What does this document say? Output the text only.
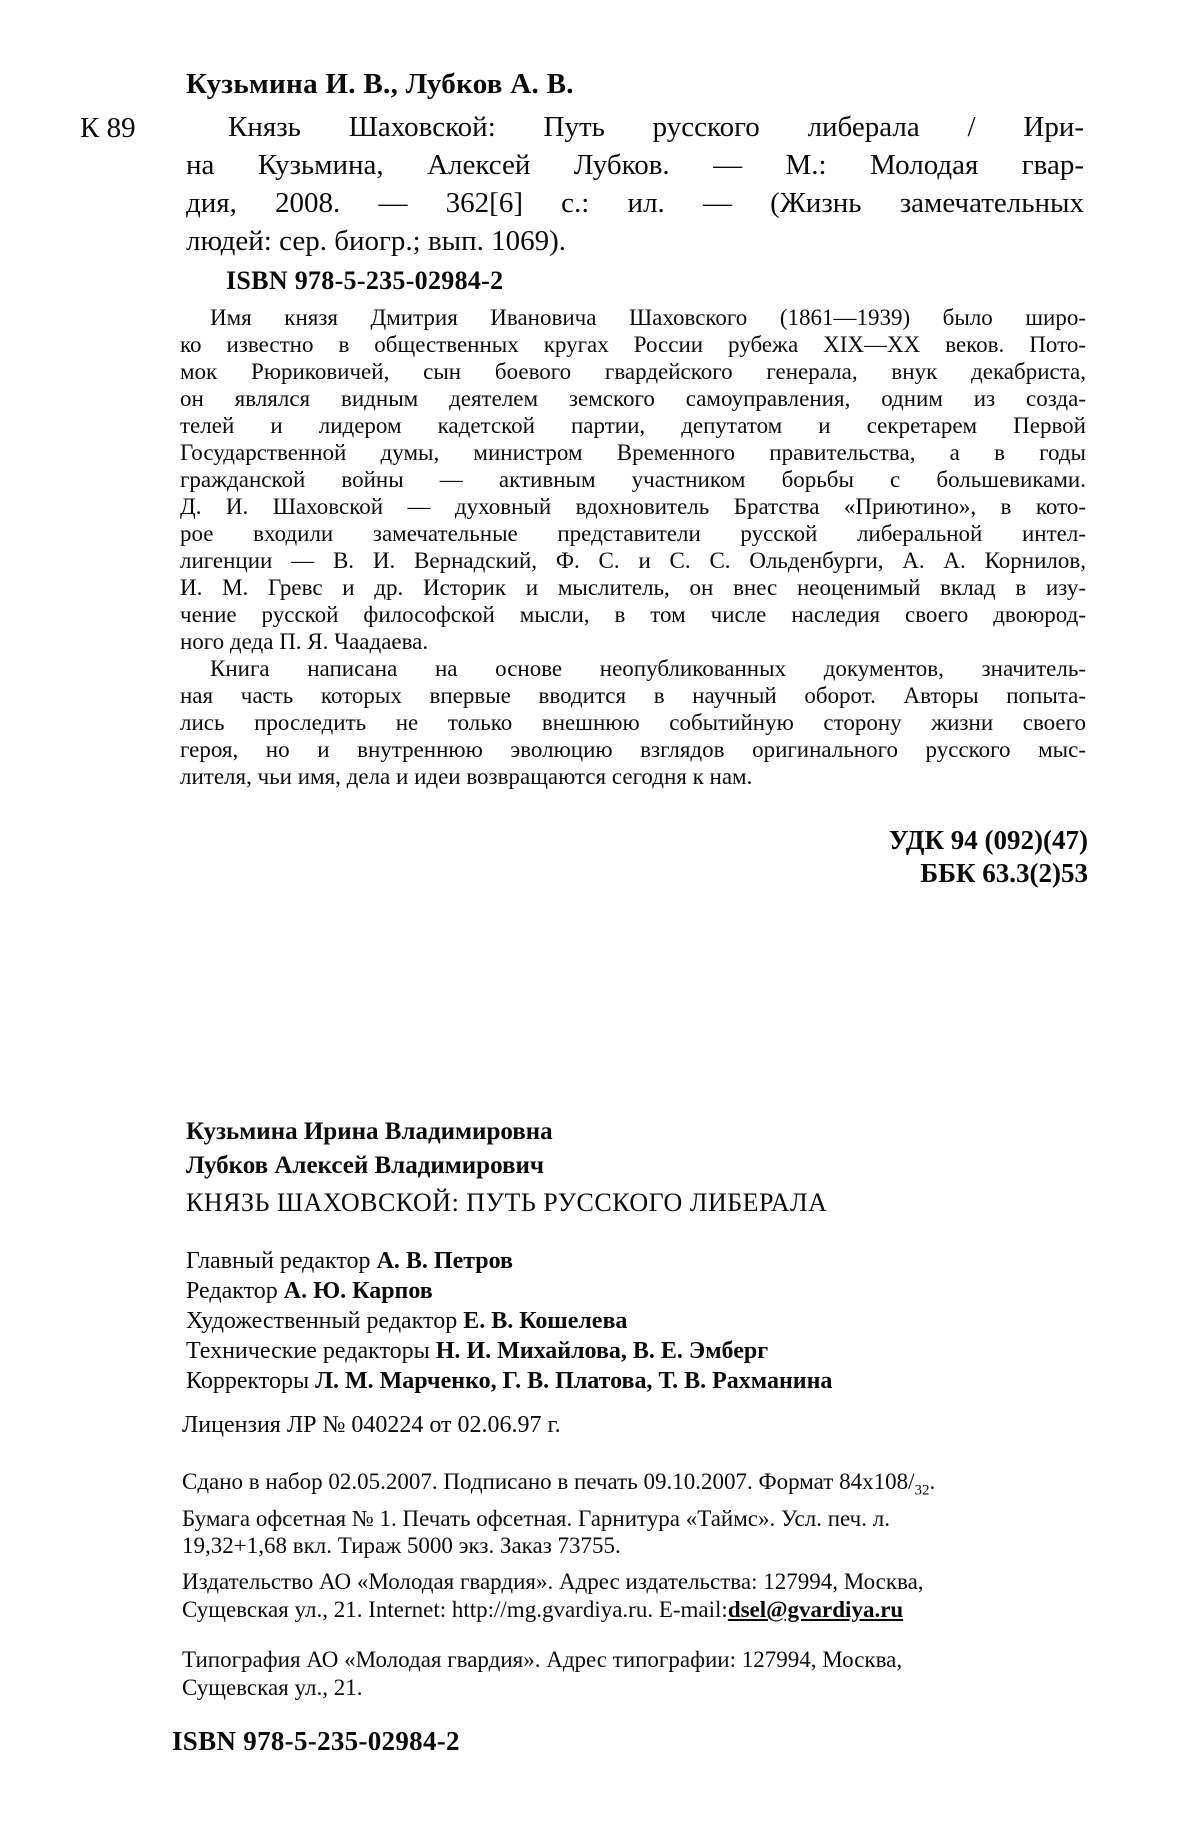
Кузьмина И. В., Лубков А. В.
К 89	Князь Шаховской: Путь русского либерала / Ири-
на Кузьмина, Алексей Лубков. — М.: Молодая гвар-
дия, 2008. — 362[6] с.: ил. — (Жизнь замечательных
людей: сер. биогр.; вып. 1069).
ISBN 978-5-235-02984-2
Имя князя Дмитрия Ивановича Шаховского (1861—1939) было широ-
ко известно в общественных кругах России рубежа XIX—XX веков. Пото-
мок Рюриковичей, сын боевого гвардейского генерала, внук декабриста,
он являлся видным деятелем земского самоуправления, одним из созда-
телей и лидером кадетской партии, депутатом и секретарем Первой
Государственной думы, министром Временного правительства, а в годы
гражданской войны — активным участником борьбы с большевиками.
Д. И. Шаховской — духовный вдохновитель Братства «Приютино», в кото-
рое входили замечательные представители русской либеральной интел-
лигенции — В. И. Вернадский, Ф. С. и С. С. Ольденбурги, А. А. Корнилов,
И. М. Гревс и др. Историк и мыслитель, он внес неоценимый вклад в изу-
чение русской философской мысли, в том числе наследия своего двоюрод-
ного деда П. Я. Чаадаева.
Книга написана на основе неопубликованных документов, значитель-
ная часть которых впервые вводится в научный оборот. Авторы попыта-
лись проследить не только внешнюю событийную сторону жизни своего
героя, но и внутреннюю эволюцию взглядов оригинального русского мыс-
лителя, чьи имя, дела и идеи возвращаются сегодня к нам.
УДК 94 (092)(47)
ББК 63.3(2)53
Кузьмина Ирина Владимировна
Лубков Алексей Владимирович
КНЯЗЬ ШАХОВСКОЙ: ПУТЬ РУССКОГО ЛИБЕРАЛА
Главный редактор А. В. Петров
Редактор А. Ю. Карпов
Художественный редактор Е. В. Кошелева
Технические редакторы Н. И. Михайлова, В. Е. Эмберг
Корректоры Л. М. Марченко, Г. В. Платова, Т. В. Рахманина
Лицензия ЛР № 040224 от 02.06.97 г.
Сдано в набор 02.05.2007. Подписано в печать 09.10.2007. Формат $84х108/_{32}$.
Бумага офсетная № 1. Печать офсетная. Гарнитура «Таймс». Усл. печ. л.
19,32+1,68 вкл. Тираж 5000 экз. Заказ 73755.
Издательство АО «Молодая гвардия». Адрес издательства: 127994, Москва,
Сущевская ул., 21. Internet: http://mg.gvardiya.ru. E-mail:dsel@gvardiya.ru
Типография АО «Молодая гвардия». Адрес типографии: 127994, Москва,
Сущевская ул., 21.
ISBN 978-5-235-02984-2
